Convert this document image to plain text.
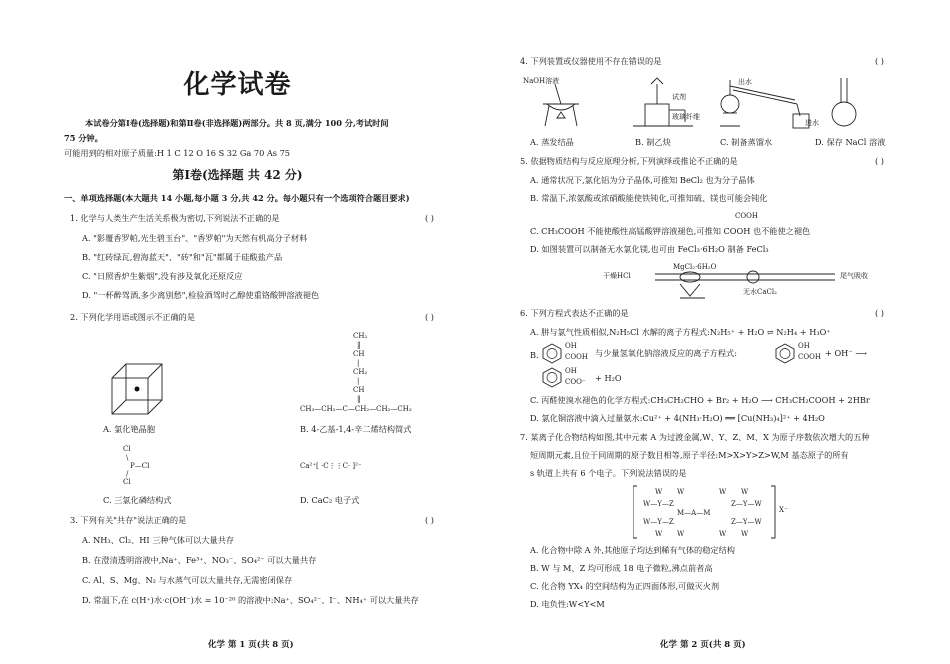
化学试卷
本试卷分第Ⅰ卷(选择题)和第Ⅱ卷(非选择题)两部分。共 8 页,满分 100 分,考试时间
75 分钟。
可能用到的相对原子质量:H 1 C 12 O 16 S 32 Ga 70 As 75
第Ⅰ卷(选择题 共 42 分)
一、单项选择题(本大题共 14 小题,每小题 3 分,共 42 分。每小题只有一个选项符合题目要求)
1. 化学与人类生产生活关系极为密切,下列说法不正确的是	( )
A. "影覆香罗帕,光生碧玉台"、"香罗帕"为天然有机高分子材料
B. "红砖绿瓦,碧海蓝天"、"砖"和"瓦"都属于硅酸盐产品
C. "日照香炉生紫烟",没有涉及氧化还原反应
D. "一杯醉驾酒,多少离别愁",检验酒驾时乙醇使重铬酸钾溶液褪色
2. 下列化学用语或图示不正确的是	( )
CH₂
‖
CH
|
CH₂
|
CH
‖
CH₃—CH₂—C—CH₂—CH₂—CH₃
A. 氯化铯晶胞	B. 4-乙基-1,4-辛二烯结构简式
Cl
\
P—Cl
/
Cl
Ca²⁺[ ·C⋮⋮C· ]²⁻
C. 三氯化磷结构式	D. CaC₂ 电子式
3. 下列有关"共存"说法正确的是	( )
A. NH₃、Cl₂、HI 三种气体可以大量共存
B. 在澄清透明溶液中,Na⁺、Fe³⁺、NO₃⁻、SO₄²⁻ 可以大量共存
C. Al、S、Mg、N₂ 与水蒸气可以大量共存,无需密闭保存
D. 常温下,在 c(H⁺)水·c(OH⁻)水 = 10⁻²⁰ 的溶液中:Na⁺、SO₄²⁻、I⁻、NH₄⁺ 可以大量共存
化学 第 1 页(共 8 页)
4. 下列装置或仪器使用不存在错误的是	( )
NaOH溶液
试剂
玻璃纤维
出水
进水
A. 蒸发结晶	B. 制乙炔	C. 制备蒸馏水	D. 保存 NaCl 溶液
5. 依据物质结构与反应原理分析,下列演绎或推论不正确的是	( )
A. 通常状况下,氯化铝为分子晶体,可推知 BeCl₂ 也为分子晶体
B. 常温下,浓氨酸或浓硝酸能使铁钝化,可推知硫、镁也可能会钝化
COOH
C. CH₃COOH 不能使酸性高锰酸钾溶液褪色,可推知 COOH 也不能使之褪色
D. 如图装置可以制备无水氯化镁,也可由 FeCl₃·6H₂O 制备 FeCl₃
干燥HCl
MgCl₂·6H₂O
无水CaCl₂
尾气吸收
6. 下列方程式表达不正确的是	( )
A. 肼与氯气性质相似,N₂H₅Cl 水解的离子方程式:N₂H₅⁺ + H₂O ⇌ N₂H₄ + H₃O⁺
B.
OH
COOH 与少量氢氧化钠溶液反应的离子方程式:
OH
COOH + OH⁻ ⟶
OH
COO⁻ + H₂O
C. 丙醛使溴水褪色的化学方程式:CH₃CH₂CHO + Br₂ + H₂O ⟶ CH₃CH₂COOH + 2HBr
D. 氯化铜溶液中滴入过量氨水:Cu²⁺ + 4(NH₃·H₂O) ══ [Cu(NH₃)₄]²⁺ + 4H₂O
7. 某离子化合物结构如图,其中元素 A 为过渡金属,W、Y、Z、M、X 为原子序数依次增大的五种
短周期元素,且位于同周期的原子数目相等,原子半径:M>X>Y>Z>W,M 基态原子的所有
s 轨道上共有 6 个电子。下列说法错误的是
W W	W W
W—Y—Z	Z—Y—W
M—A—M
W—Y—Z	Z—Y—W
W W	W W
X⁻
A. 化合物中除 A 外,其他原子均达到稀有气体的稳定结构
B. W 与 M、Z 均可形成 18 电子微粒,沸点前者高
C. 化合物 YX₄ 的空间结构为正四面体形,可做灭火剂
D. 电负性:W<Y<M
化学 第 2 页(共 8 页)
